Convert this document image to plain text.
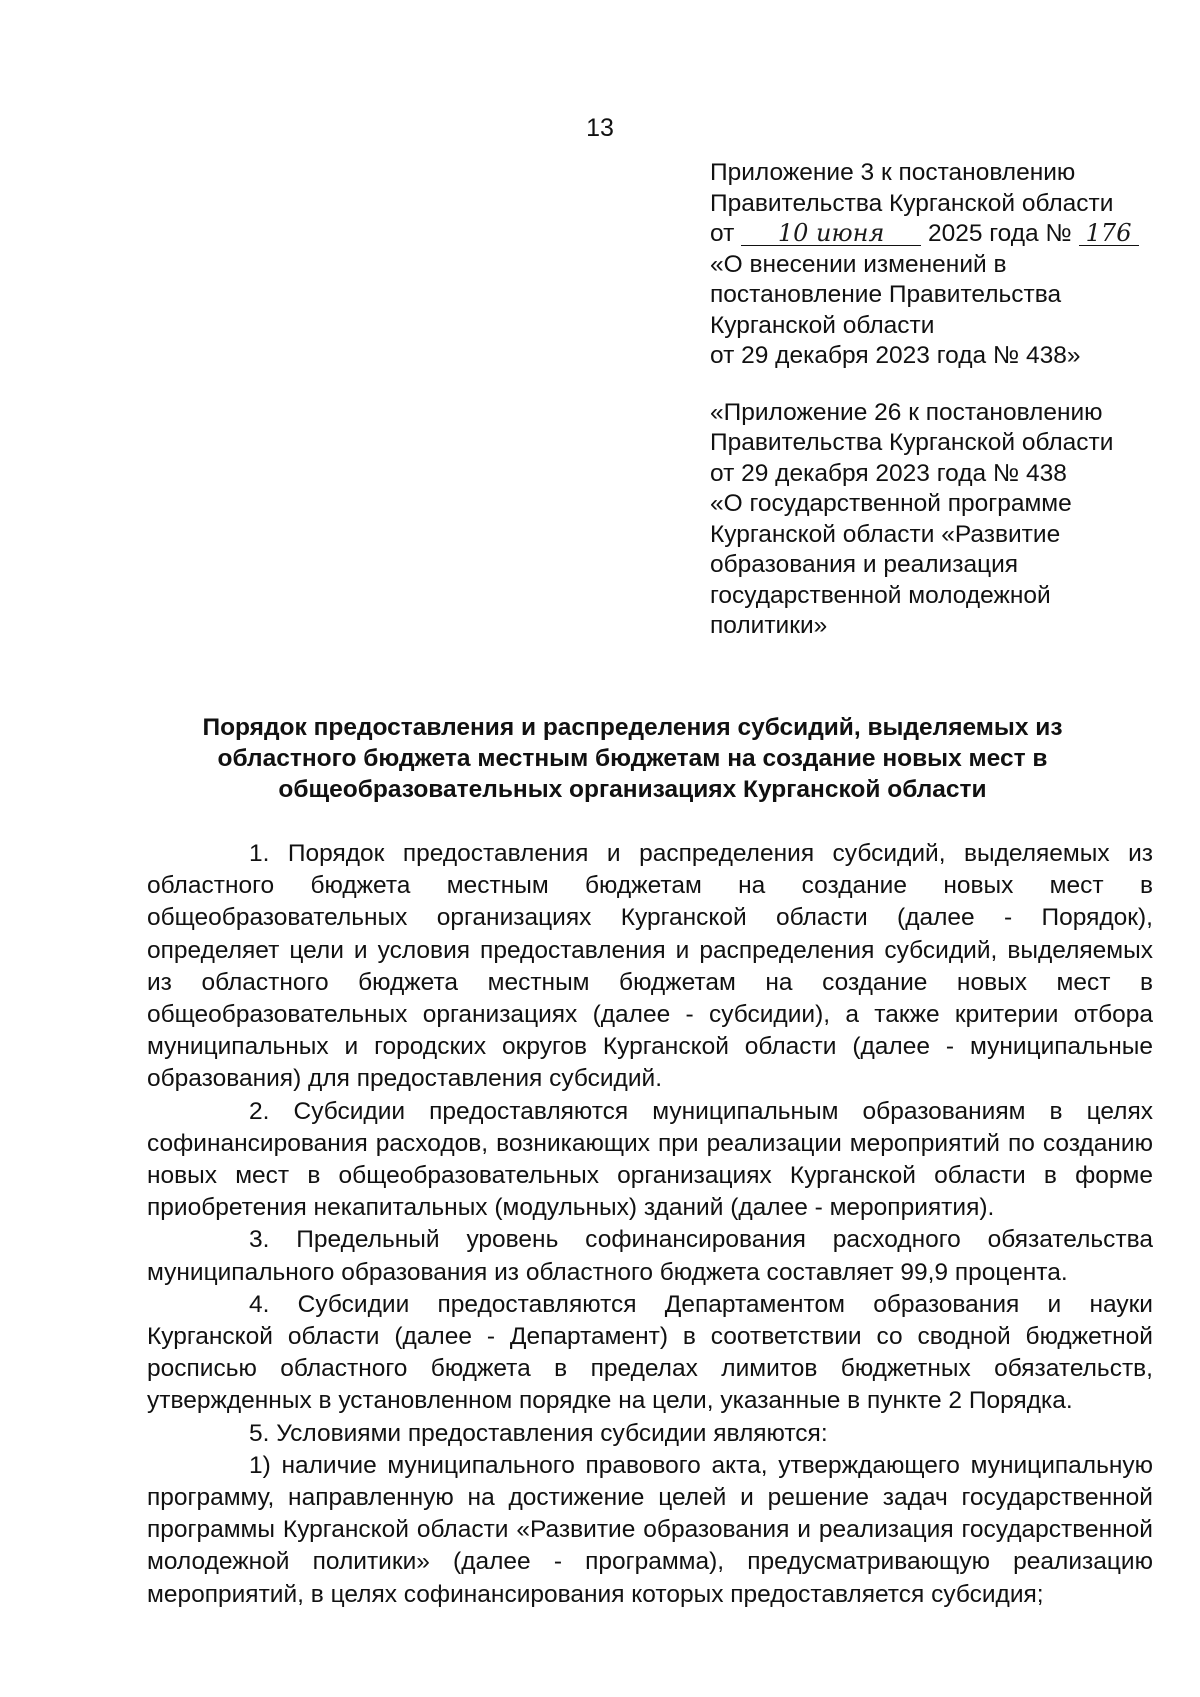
13
Приложение 3 к постановлению
Правительства Курганской области
от 10 июня 2025 года № 176
«О внесении изменений в
постановление Правительства
Курганской области
от 29 декабря 2023 года № 438»
«Приложение 26 к постановлению
Правительства Курганской области
от 29 декабря 2023 года № 438
«О государственной программе
Курганской области «Развитие
образования и реализация
государственной молодежной
политики»
Порядок предоставления и распределения субсидий, выделяемых из
областного бюджета местным бюджетам на создание новых мест в
общеобразовательных организациях Курганской области

1. Порядок предоставления и распределения субсидий, выделяемых из областного бюджета местным бюджетам на создание новых мест в общеобразовательных организациях Курганской области (далее - Порядок), определяет цели и условия предоставления и распределения субсидий, выделяемых из областного бюджета местным бюджетам на создание новых мест в общеобразовательных организациях (далее - субсидии), а также критерии отбора муниципальных и городских округов Курганской области (далее - муниципальные образования) для предоставления субсидий.

2. Субсидии предоставляются муниципальным образованиям в целях софинансирования расходов, возникающих при реализации мероприятий по созданию новых мест в общеобразовательных организациях Курганской области в форме приобретения некапитальных (модульных) зданий (далее - мероприятия).

3. Предельный уровень софинансирования расходного обязательства муниципального образования из областного бюджета составляет 99,9 процента.

4. Субсидии предоставляются Департаментом образования и науки Курганской области (далее - Департамент) в соответствии со сводной бюджетной росписью областного бюджета в пределах лимитов бюджетных обязательств, утвержденных в установленном порядке на цели, указанные в пункте 2 Порядка.

5. Условиями предоставления субсидии являются:

1) наличие муниципального правового акта, утверждающего муниципальную программу, направленную на достижение целей и решение задач государственной программы Курганской области «Развитие образования и реализация государственной молодежной политики» (далее - программа), предусматривающую реализацию мероприятий, в целях софинансирования которых предоставляется субсидия;
